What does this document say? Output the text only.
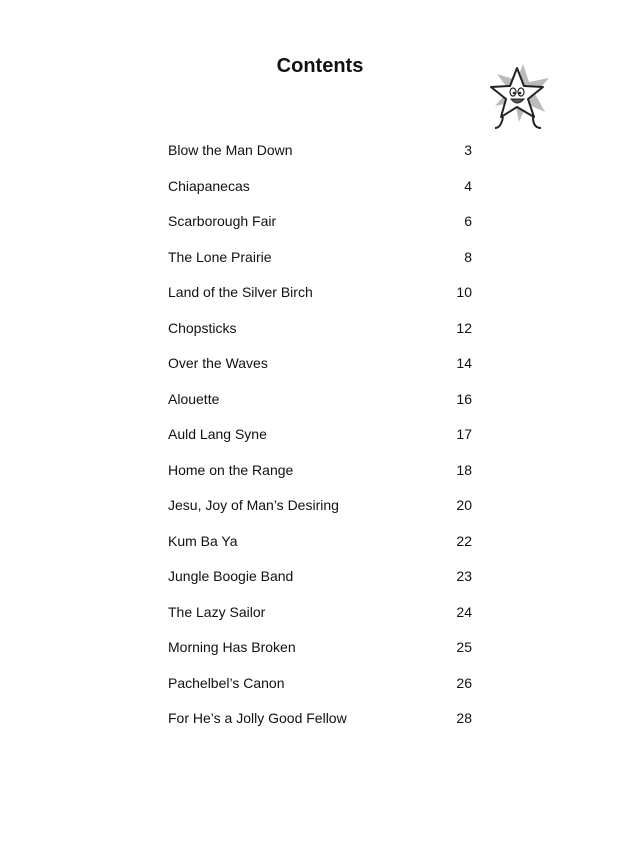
Contents
Blow the Man Down	3
Chiapanecas	4
Scarborough Fair	6
The Lone Prairie	8
Land of the Silver Birch	10
Chopsticks	12
Over the Waves	14
Alouette	16
Auld Lang Syne	17
Home on the Range	18
Jesu, Joy of Man’s Desiring	20
Kum Ba Ya	22
Jungle Boogie Band	23
The Lazy Sailor	24
Morning Has Broken	25
Pachelbel’s Canon	26
For He’s a Jolly Good Fellow	28
